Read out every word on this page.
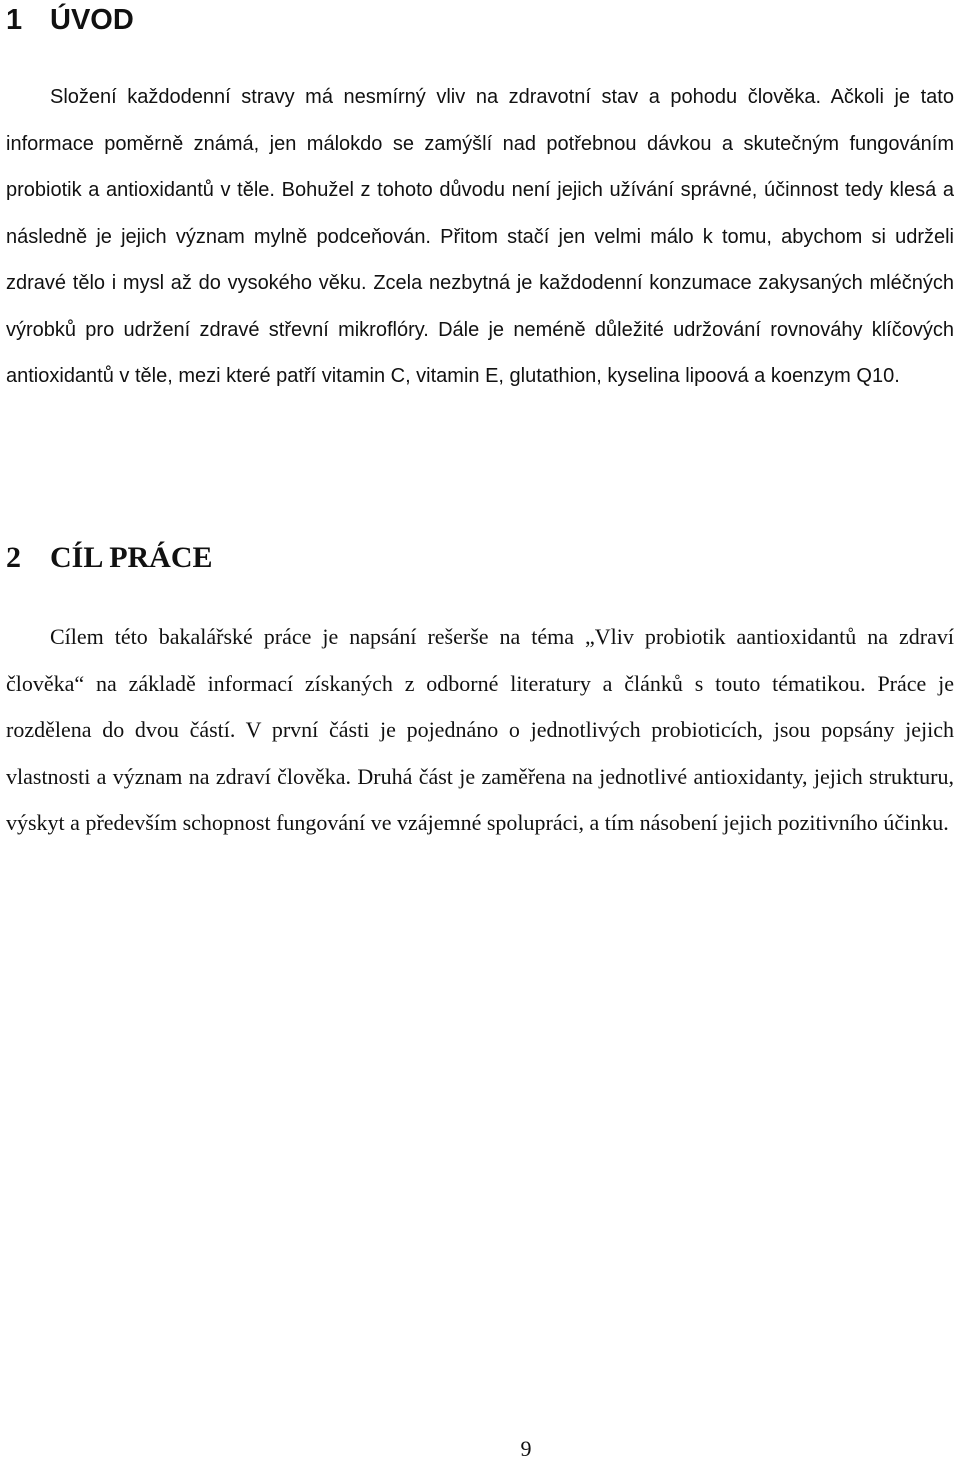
1 ÚVOD

Složení každodenní stravy má nesmírný vliv na zdravotní stav a pohodu člověka. Ačkoli je tato informace poměrně známá, jen málokdo se zamýšlí nad potřebnou dávkou a skutečným fungováním probiotik a antioxidantů v těle. Bohužel z tohoto důvodu není jejich užívání správné, účinnost tedy klesá a následně je jejich význam mylně podceňován. Přitom stačí jen velmi málo k tomu, abychom si udrželi zdravé tělo i mysl až do vysokého věku. Zcela nezbytná je každodenní konzumace zakysaných mléčných výrobků pro udržení zdravé střevní mikroflóry. Dále je neméně důležité udržování rovnováhy klíčových antioxidantů v těle, mezi které patří vitamin C, vitamin E, glutathion, kyselina lipoová a koenzym Q10.

2 CÍL PRÁCE

Cílem této bakalářské práce je napsání rešerše na téma „Vliv probiotik aantioxidantů na zdraví člověka“ na základě informací získaných z odborné literatury a článků s touto tématikou. Práce je rozdělena do dvou částí. V první části je pojednáno o jednotlivých probioticích, jsou popsány jejich vlastnosti a význam na zdraví člověka. Druhá část je zaměřena na jednotlivé antioxidanty, jejich strukturu, výskyt a především schopnost fungování ve vzájemné spolupráci, a tím násobení jejich pozitivního účinku.

9
